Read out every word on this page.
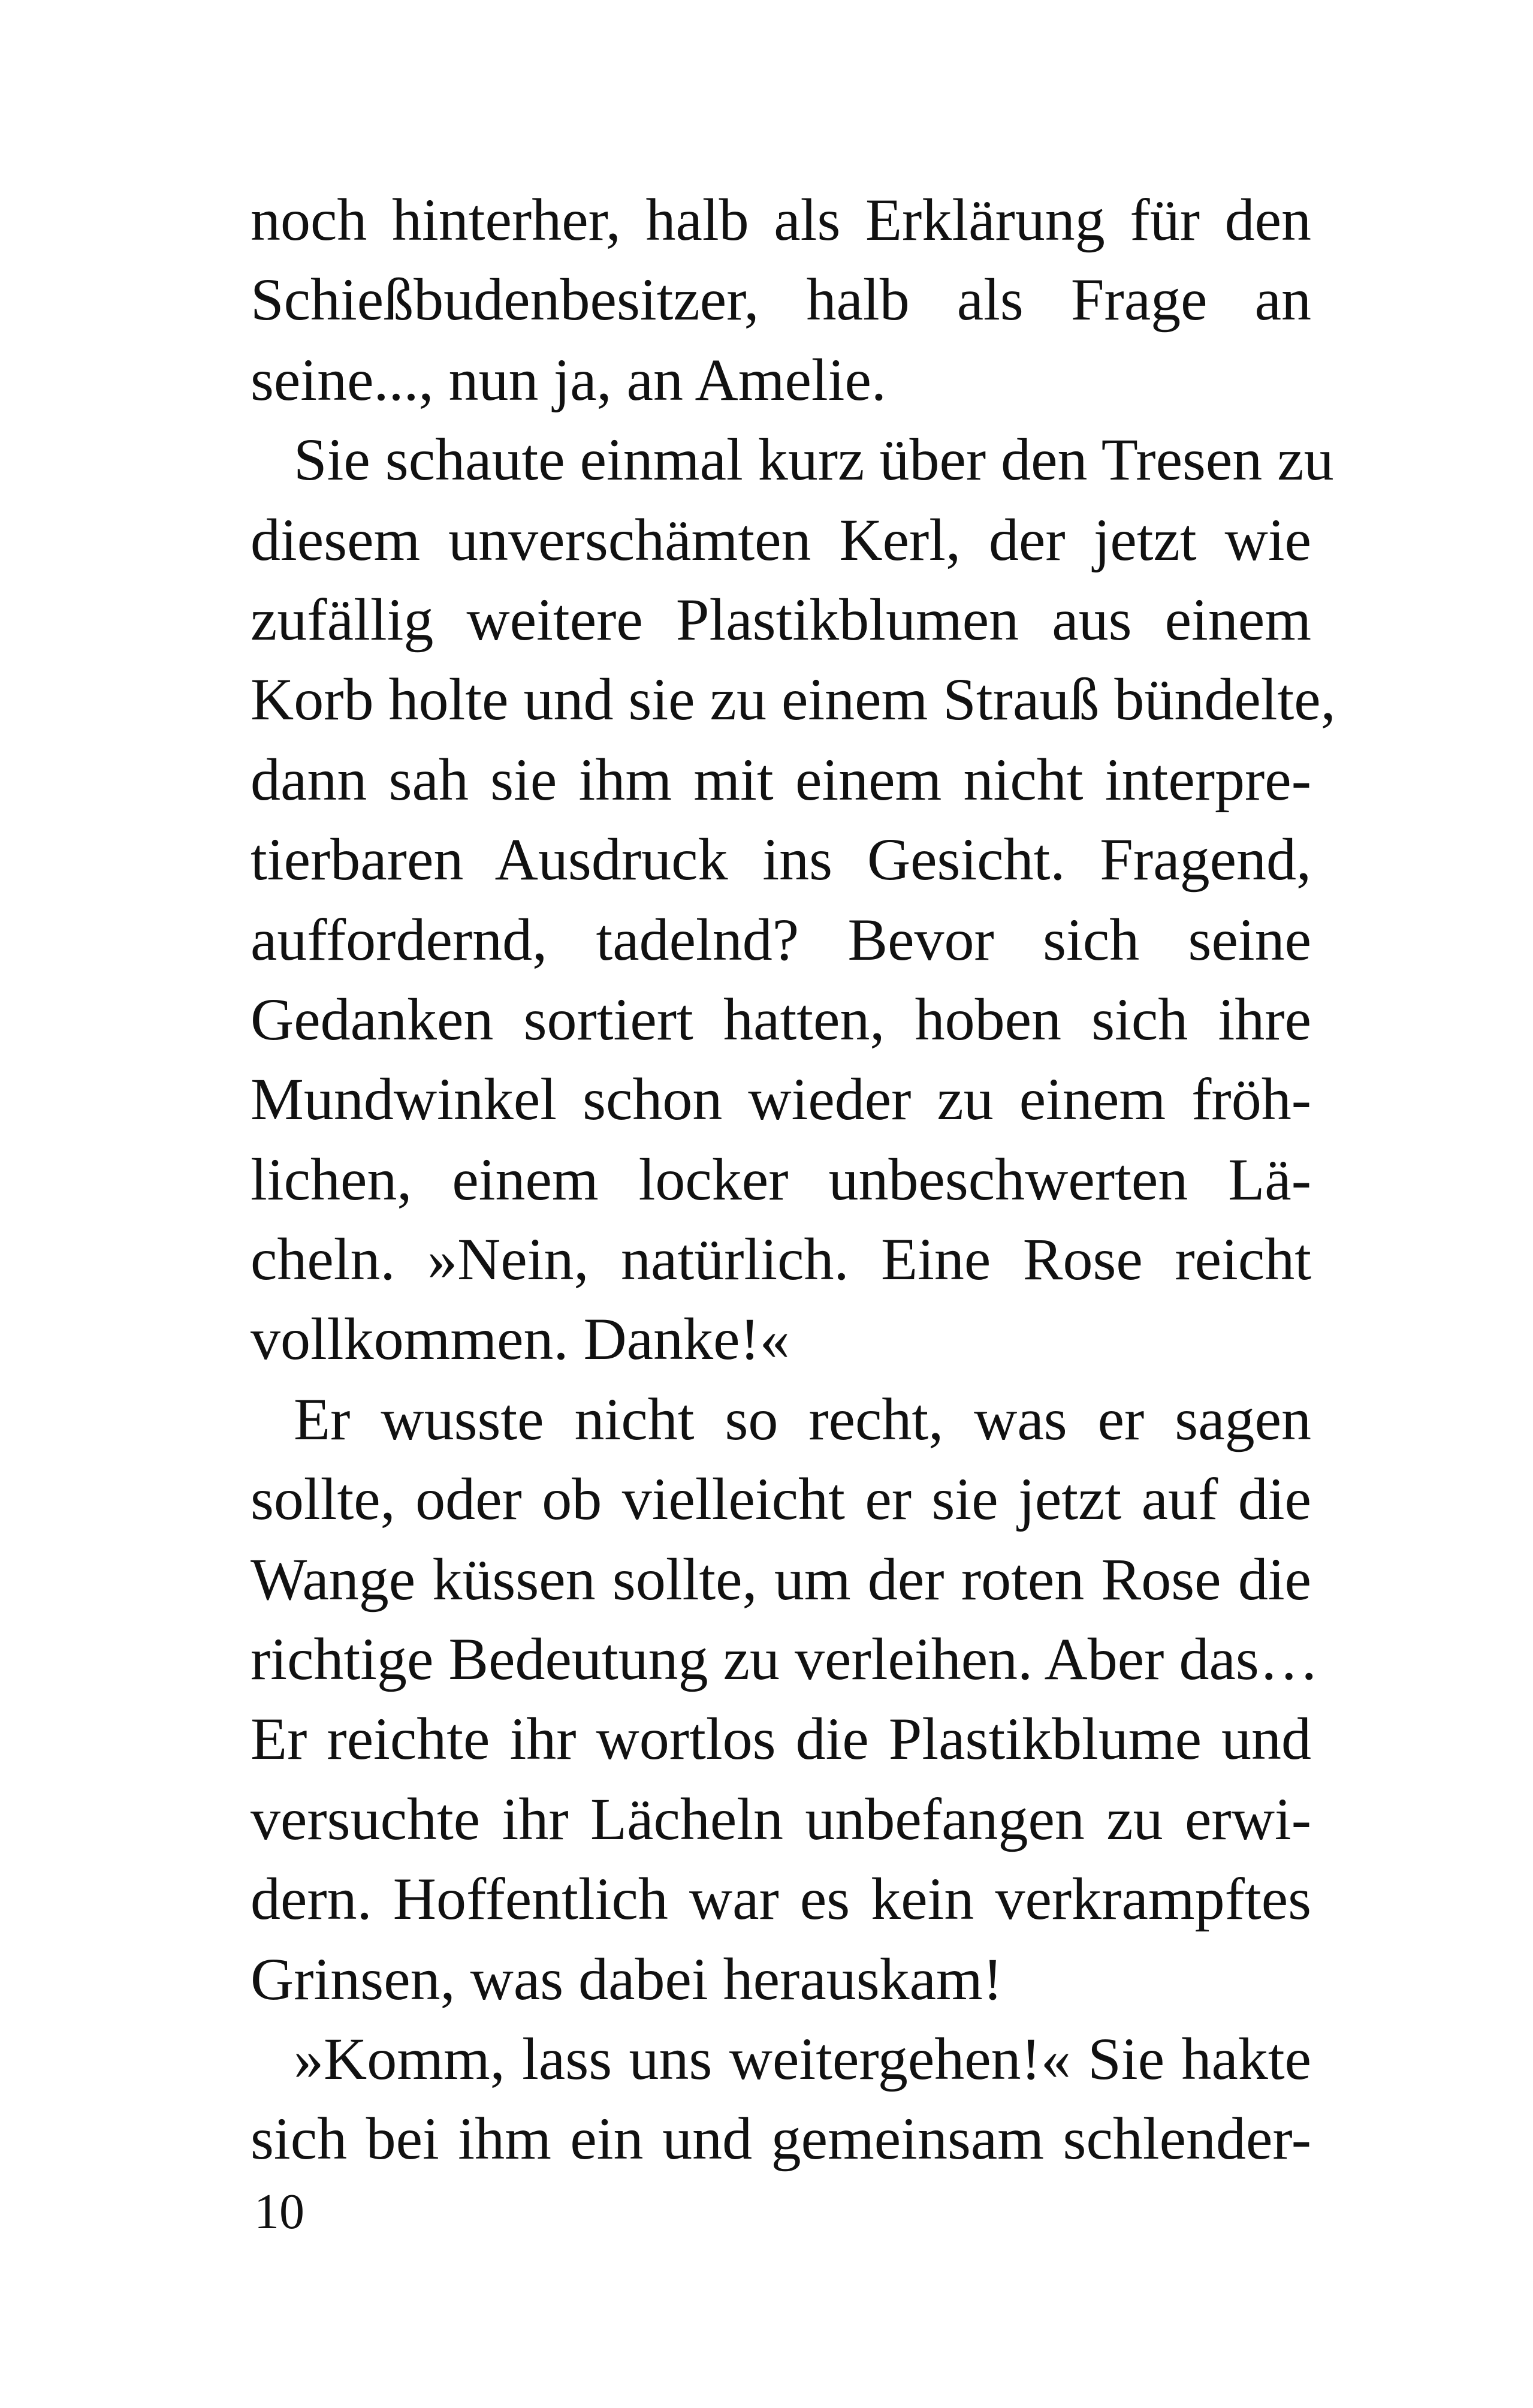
noch hinterher, halb als Erklärung für den
Schießbudenbesitzer, halb als Frage an
seine..., nun ja, an Amelie.
Sie schaute einmal kurz über den Tresen zu
diesem unverschämten Kerl, der jetzt wie
zufällig weitere Plastikblumen aus einem
Korb holte und sie zu einem Strauß bündelte,
dann sah sie ihm mit einem nicht interpre-
tierbaren Ausdruck ins Gesicht. Fragend,
auffordernd, tadelnd? Bevor sich seine
Gedanken sortiert hatten, hoben sich ihre
Mundwinkel schon wieder zu einem fröh-
lichen, einem locker unbeschwerten Lä-
cheln. »Nein, natürlich. Eine Rose reicht
vollkommen. Danke!«
Er wusste nicht so recht, was er sagen
sollte, oder ob vielleicht er sie jetzt auf die
Wange küssen sollte, um der roten Rose die
richtige Bedeutung zu verleihen. Aber das…
Er reichte ihr wortlos die Plastikblume und
versuchte ihr Lächeln unbefangen zu erwi-
dern. Hoffentlich war es kein verkrampftes
Grinsen, was dabei herauskam!
»Komm, lass uns weitergehen!« Sie hakte
sich bei ihm ein und gemeinsam schlender-
10
